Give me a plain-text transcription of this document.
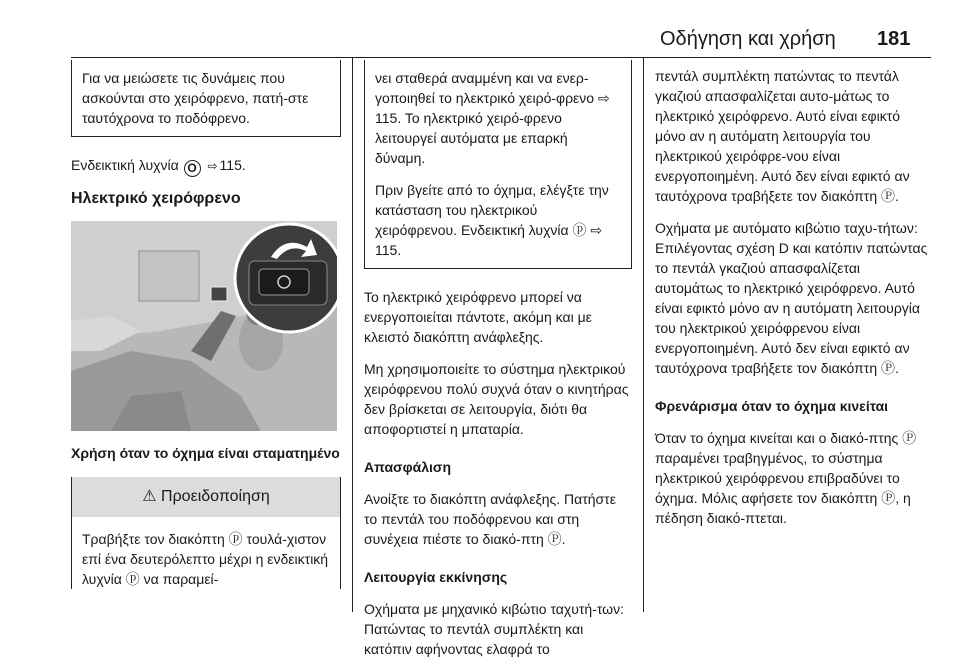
Οδήγηση και χρήση 181

Για να μειώσετε τις δυνάμεις που ασκούνται στο χειρόφρενο, πατή-στε ταυτόχρονα το ποδόφρενο.

Ενδεικτική λυχνία O ⇨ 115.

Ηλεκτρικό χειρόφρενο

Χρήση όταν το όχημα είναι σταματημένο

⚠ Προειδοποίηση
Τραβήξτε τον διακόπτη ⓟ τουλά-χιστον επί ένα δευτερόλεπτο μέχρι η ενδεικτική λυχνία ⓟ να παραμεί-

νει σταθερά αναμμένη και να ενερ-γοποιηθεί το ηλεκτρικό χειρό-φρενο ⇨ 115. Το ηλεκτρικό χειρό-φρενο λειτουργεί αυτόματα με επαρκή δύναμη.

Πριν βγείτε από το όχημα, ελέγξτε την κατάσταση του ηλεκτρικού χειρόφρενου. Ενδεικτική λυχνία ⓟ ⇨ 115.

Το ηλεκτρικό χειρόφρενο μπορεί να ενεργοποιείται πάντοτε, ακόμη και με κλειστό διακόπτη ανάφλεξης.

Μη χρησιμοποιείτε το σύστημα ηλεκτρικού χειρόφρενου πολύ συχνά όταν ο κινητήρας δεν βρίσκεται σε λειτουργία, διότι θα αποφορτιστεί η μπαταρία.

Απασφάλιση

Ανοίξτε το διακόπτη ανάφλεξης. Πατήστε το πεντάλ του ποδόφρενου και στη συνέχεια πιέστε το διακό-πτη Ⓟ.

Λειτουργία εκκίνησης

Οχήματα με μηχανικό κιβώτιο ταχυτή-των: Πατώντας το πεντάλ συμπλέκτη και κατόπιν αφήνοντας ελαφρά το

πεντάλ συμπλέκτη πατώντας το πεντάλ γκαζιού απασφαλίζεται αυτο-μάτως το ηλεκτρικό χειρόφρενο. Αυτό είναι εφικτό μόνο αν η αυτόματη λειτουργία του ηλεκτρικού χειρόφρε-νου είναι ενεργοποιημένη. Αυτό δεν είναι εφικτό αν ταυτόχρονα τραβήξετε τον διακόπτη Ⓟ.

Οχήματα με αυτόματο κιβώτιο ταχυ-τήτων: Επιλέγοντας σχέση D και κατόπιν πατώντας το πεντάλ γκαζιού απασφαλίζεται αυτομάτως το ηλεκτρικό χειρόφρενο. Αυτό είναι εφικτό μόνο αν η αυτόματη λειτουργία του ηλεκτρικού χειρόφρενου είναι ενεργοποιημένη. Αυτό δεν είναι εφικτό αν ταυτόχρονα τραβήξετε τον διακόπτη Ⓟ.

Φρενάρισμα όταν το όχημα κινείται

Όταν το όχημα κινείται και ο διακό-πτης Ⓟ παραμένει τραβηγμένος, το σύστημα ηλεκτρικού χειρόφρενου επιβραδύνει το όχημα. Μόλις αφήσετε τον διακόπτη Ⓟ, η πέδηση διακό-πτεται.
